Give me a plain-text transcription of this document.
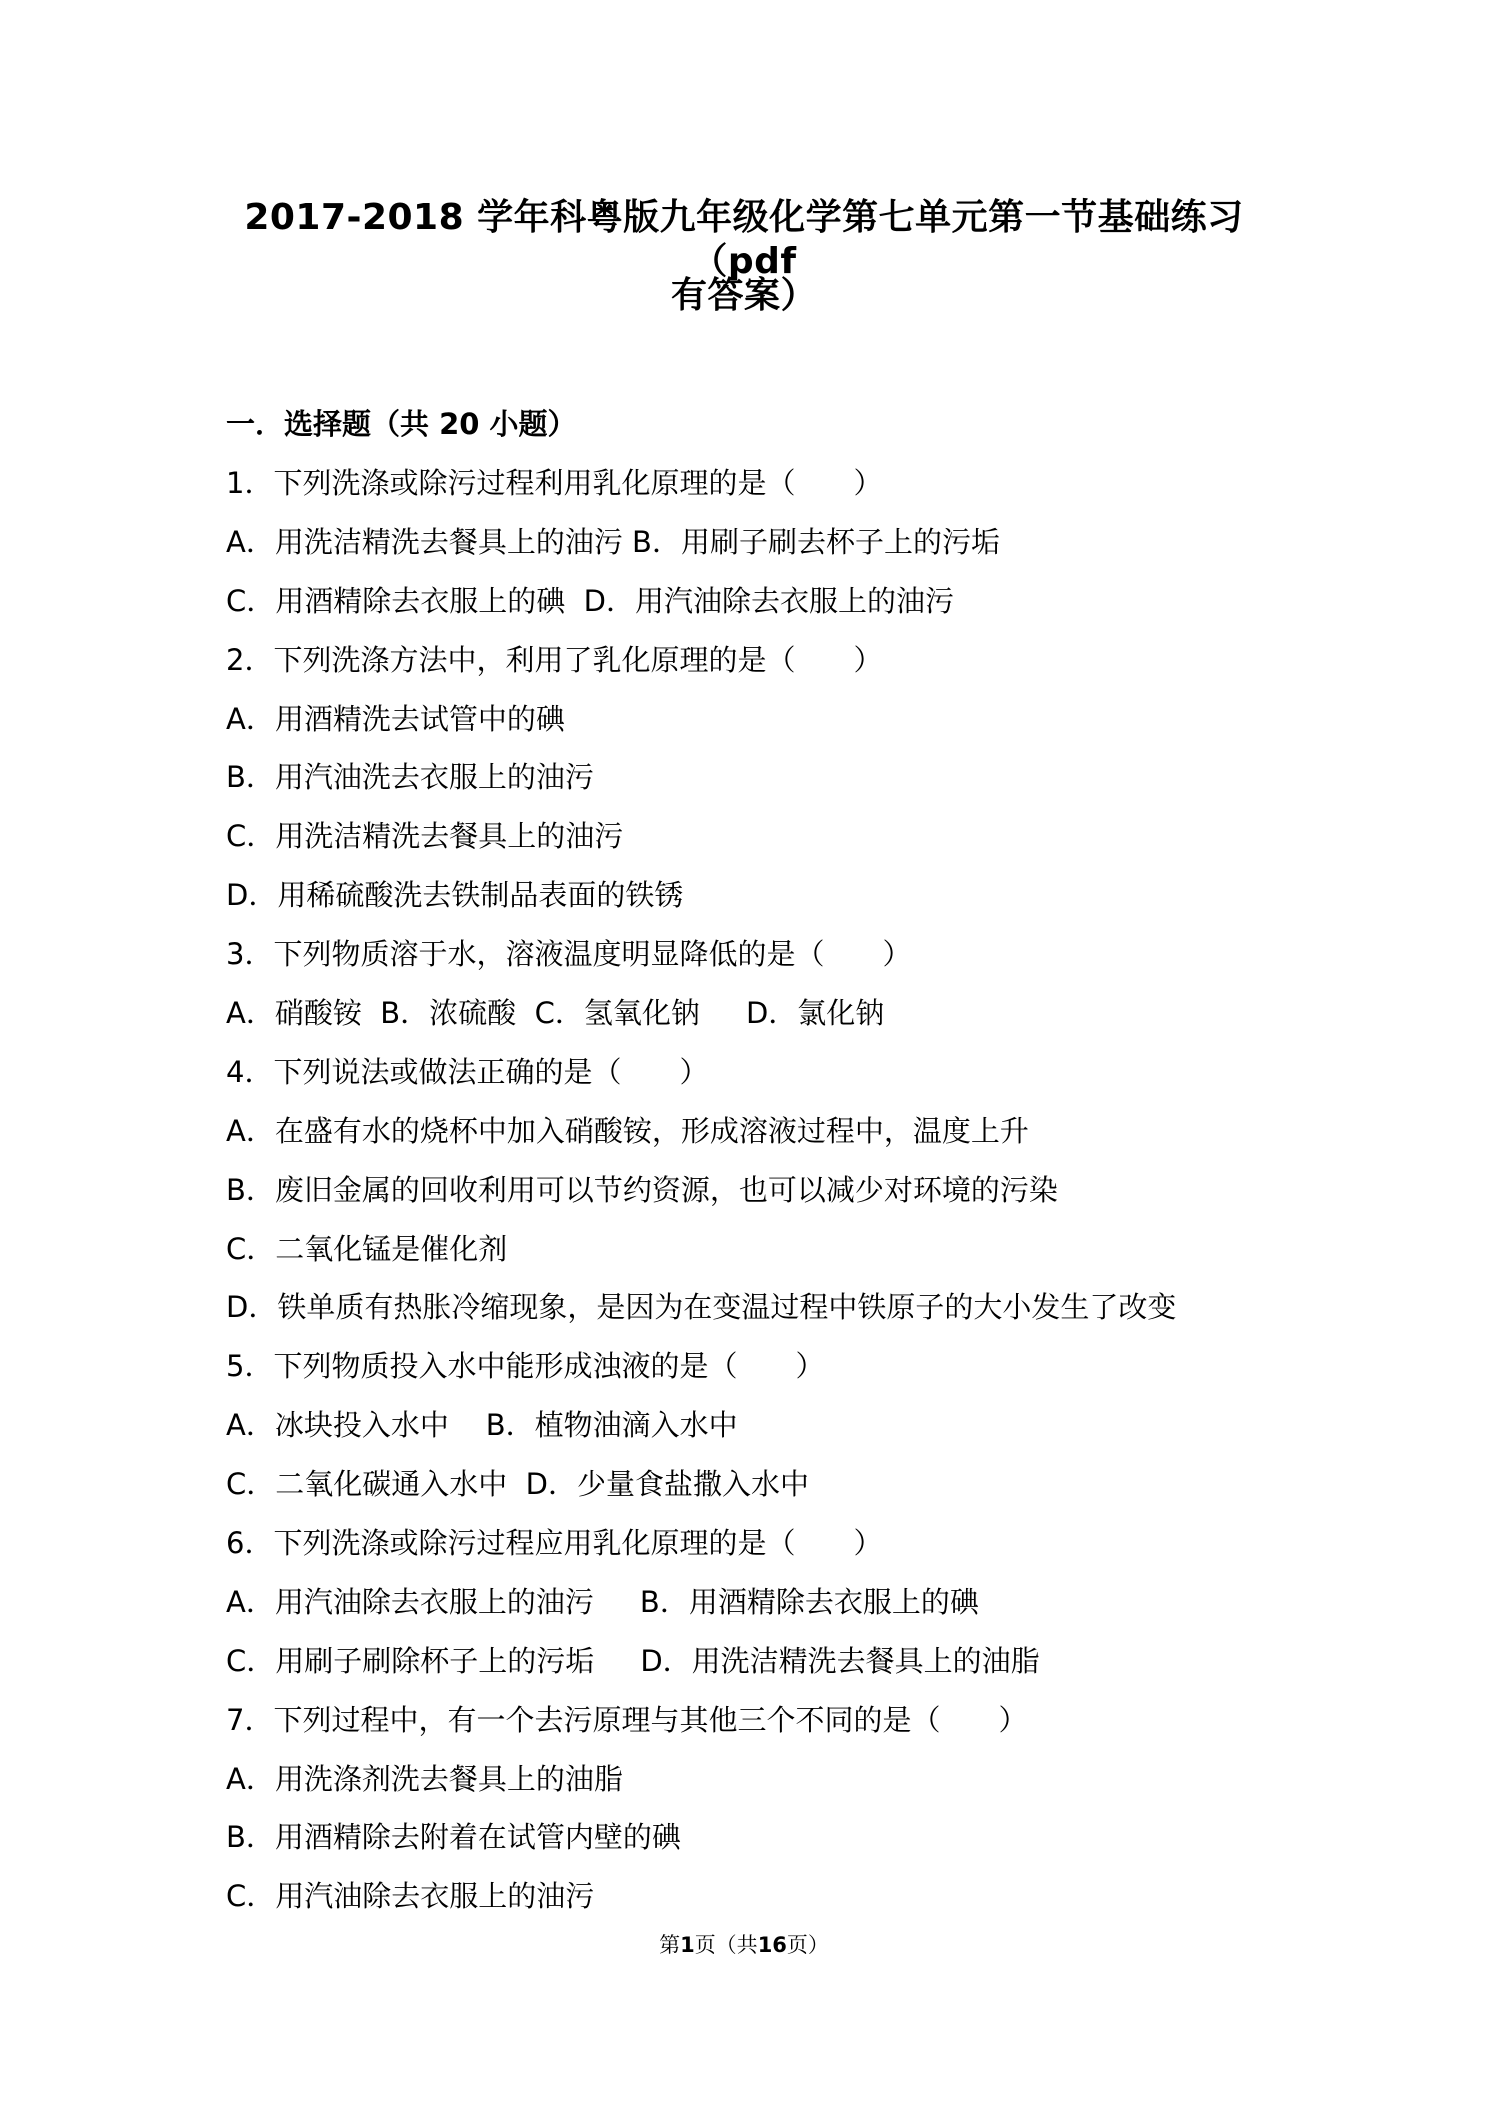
2017-2018 学年科粤版九年级化学第七单元第一节基础练习（pdf
有答案）
一．选择题（共 20 小题）
1．下列洗涤或除污过程利用乳化原理的是（　　）
A．用洗洁精洗去餐具上的油污 B．用刷子刷去杯子上的污垢
C．用酒精除去衣服上的碘  D．用汽油除去衣服上的油污
2．下列洗涤方法中，利用了乳化原理的是（　　）
A．用酒精洗去试管中的碘
B．用汽油洗去衣服上的油污
C．用洗洁精洗去餐具上的油污
D．用稀硫酸洗去铁制品表面的铁锈
3．下列物质溶于水，溶液温度明显降低的是（　　）
A．硝酸铵  B．浓硫酸  C．氢氧化钠     D．氯化钠
4．下列说法或做法正确的是（　　）
A．在盛有水的烧杯中加入硝酸铵，形成溶液过程中，温度上升
B．废旧金属的回收利用可以节约资源，也可以减少对环境的污染
C．二氧化锰是催化剂
D．铁单质有热胀冷缩现象，是因为在变温过程中铁原子的大小发生了改变
5．下列物质投入水中能形成浊液的是（　　）
A．冰块投入水中    B．植物油滴入水中
C．二氧化碳通入水中  D．少量食盐撒入水中
6．下列洗涤或除污过程应用乳化原理的是（　　）
A．用汽油除去衣服上的油污     B．用酒精除去衣服上的碘
C．用刷子刷除杯子上的污垢     D．用洗洁精洗去餐具上的油脂
7．下列过程中，有一个去污原理与其他三个不同的是（　　）
A．用洗涤剂洗去餐具上的油脂
B．用酒精除去附着在试管内壁的碘
C．用汽油除去衣服上的油污
第1页（共16页）
